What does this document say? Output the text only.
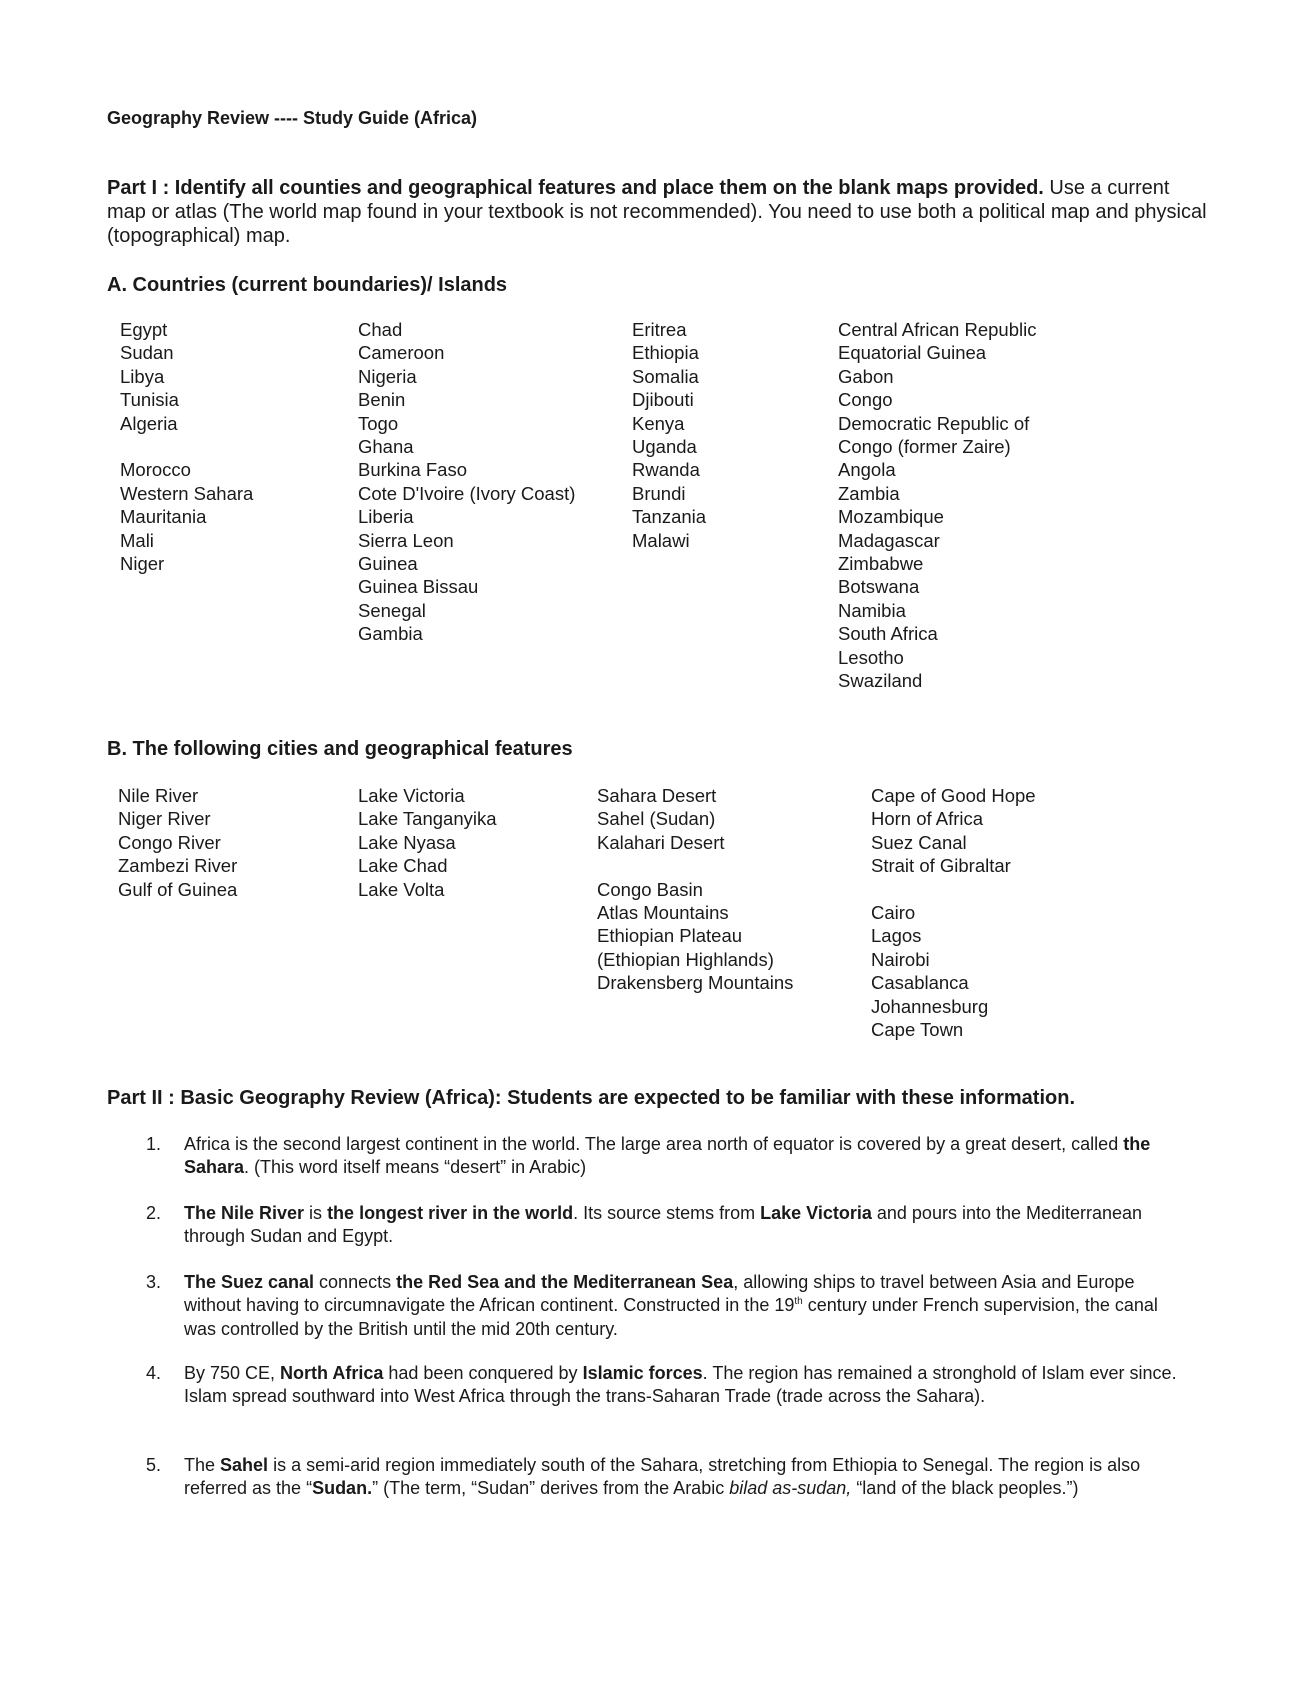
Geography Review ---- Study Guide (Africa)
Part I : Identify all counties and geographical features and place them on the blank maps provided. Use a current map or atlas (The world map found in your textbook is not recommended). You need to use both a political map and physical (topographical) map.
A. Countries (current boundaries)/ Islands
Egypt
Sudan
Libya
Tunisia
Algeria
Morocco
Western Sahara
Mauritania
Mali
Niger
Chad
Cameroon
Nigeria
Benin
Togo
Ghana
Burkina Faso
Cote D'Ivoire (Ivory Coast)
Liberia
Sierra Leon
Guinea
Guinea Bissau
Senegal
Gambia
Eritrea
Ethiopia
Somalia
Djibouti
Kenya
Uganda
Rwanda
Brundi
Tanzania
Malawi
Central African Republic
Equatorial Guinea
Gabon
Congo
Democratic Republic of
Congo (former Zaire)
Angola
Zambia
Mozambique
Madagascar
Zimbabwe
Botswana
Namibia
South Africa
Lesotho
Swaziland
B. The following cities and geographical features
Nile River
Niger River
Congo River
Zambezi River
Gulf of Guinea
Lake Victoria
Lake Tanganyika
Lake Nyasa
Lake Chad
Lake Volta
Sahara Desert
Sahel (Sudan)
Kalahari Desert
Congo Basin
Atlas Mountains
Ethiopian Plateau
(Ethiopian Highlands)
Drakensberg Mountains
Cape of Good Hope
Horn of Africa
Suez Canal
Strait of Gibraltar
Cairo
Lagos
Nairobi
Casablanca
Johannesburg
Cape Town
Part II : Basic Geography Review (Africa): Students are expected to be familiar with these information.
1. Africa is the second largest continent in the world. The large area north of equator is covered by a great desert, called the Sahara. (This word itself means “desert” in Arabic)
2. The Nile River is the longest river in the world. Its source stems from Lake Victoria and pours into the Mediterranean through Sudan and Egypt.
3. The Suez canal connects the Red Sea and the Mediterranean Sea, allowing ships to travel between Asia and Europe without having to circumnavigate the African continent. Constructed in the 19th century under French supervision, the canal was controlled by the British until the mid 20th century.
4. By 750 CE, North Africa had been conquered by Islamic forces. The region has remained a stronghold of Islam ever since. Islam spread southward into West Africa through the trans-Saharan Trade (trade across the Sahara).
5. The Sahel is a semi-arid region immediately south of the Sahara, stretching from Ethiopia to Senegal. The region is also referred as the “Sudan.” (The term, “Sudan” derives from the Arabic bilad as-sudan, “land of the black peoples.”)
